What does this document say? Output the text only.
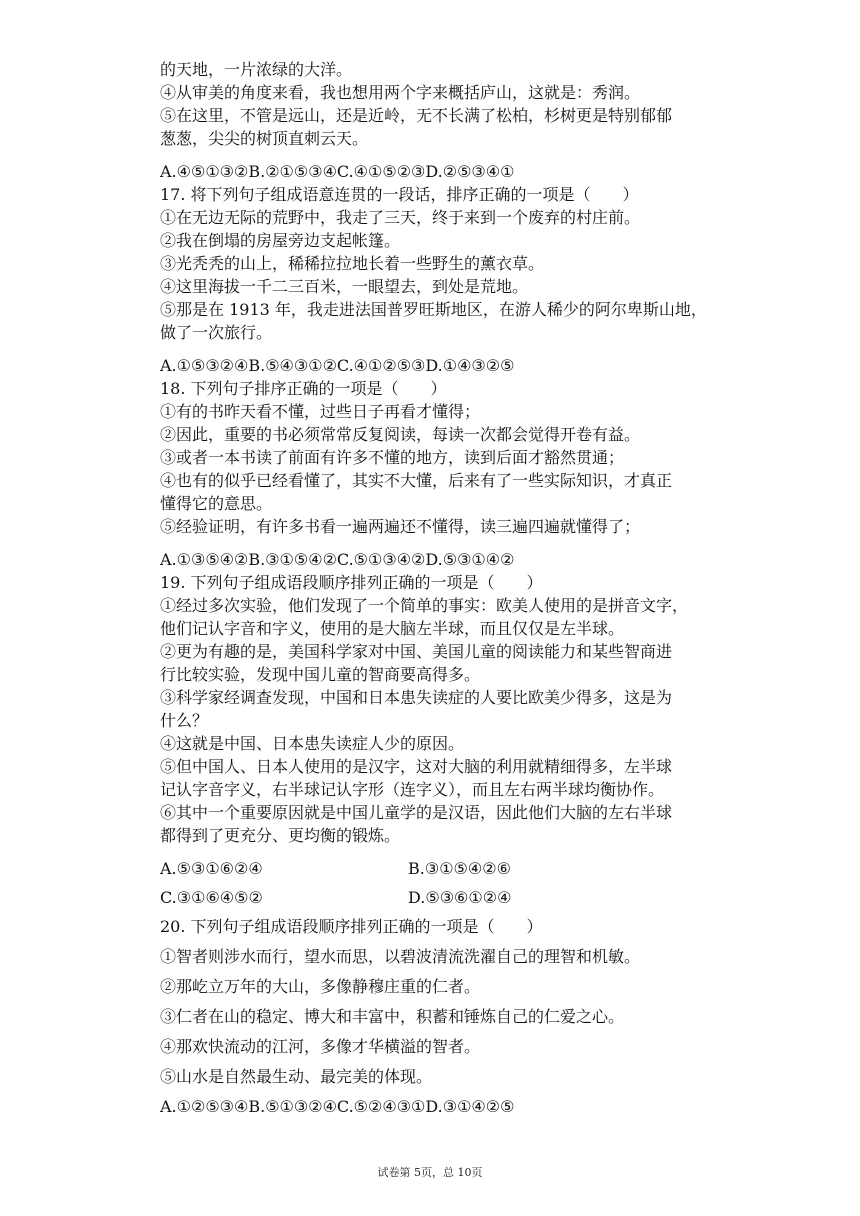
的天地，一片浓绿的大洋。
④从审美的角度来看，我也想用两个字来概括庐山，这就是：秀润。
⑤在这里，不管是远山，还是近岭，无不长满了松柏，杉树更是特别郁郁
葱葱，尖尖的树顶直刺云天。
A.④⑤①③②B.②①⑤③④C.④①⑤②③D.②⑤③④①
17. 将下列句子组成语意连贯的一段话，排序正确的一项是（　　）
①在无边无际的荒野中，我走了三天，终于来到一个废弃的村庄前。
②我在倒塌的房屋旁边支起帐篷。
③光秃秃的山上，稀稀拉拉地长着一些野生的薰衣草。
④这里海拔一千二三百米，一眼望去，到处是荒地。
⑤那是在 1913 年，我走进法国普罗旺斯地区，在游人稀少的阿尔卑斯山地，
做了一次旅行。
A.①⑤③②④B.⑤④③①②C.④①②⑤③D.①④③②⑤
18. 下列句子排序正确的一项是（　　）
①有的书昨天看不懂，过些日子再看才懂得；
②因此，重要的书必须常常反复阅读，每读一次都会觉得开卷有益。
③或者一本书读了前面有许多不懂的地方，读到后面才豁然贯通；
④也有的似乎已经看懂了，其实不大懂，后来有了一些实际知识，才真正
懂得它的意思。
⑤经验证明，有许多书看一遍两遍还不懂得，读三遍四遍就懂得了；
A.①③⑤④②B.③①⑤④②C.⑤①③④②D.⑤③①④②
19. 下列句子组成语段顺序排列正确的一项是（　　）
①经过多次实验，他们发现了一个简单的事实：欧美人使用的是拼音文字，
他们记认字音和字义，使用的是大脑左半球，而且仅仅是左半球。
②更为有趣的是，美国科学家对中国、美国儿童的阅读能力和某些智商进
行比较实验，发现中国儿童的智商要高得多。
③科学家经调查发现，中国和日本患失读症的人要比欧美少得多，这是为
什么？
④这就是中国、日本患失读症人少的原因。
⑤但中国人、日本人使用的是汉字，这对大脑的利用就精细得多，左半球
记认字音字义，右半球记认字形（连字义），而且左右两半球均衡协作。
⑥其中一个重要原因就是中国儿童学的是汉语，因此他们大脑的左右半球
都得到了更充分、更均衡的锻炼。
A.⑤③①⑥②④	B.③①⑤④②⑥
C.③①⑥④⑤②	D.⑤③⑥①②④
20. 下列句子组成语段顺序排列正确的一项是（　　）
①智者则涉水而行，望水而思，以碧波清流洗濯自己的理智和机敏。
②那屹立万年的大山，多像静穆庄重的仁者。
③仁者在山的稳定、博大和丰富中，积蓄和锤炼自己的仁爱之心。
④那欢快流动的江河，多像才华横溢的智者。
⑤山水是自然最生动、最完美的体现。
A.①②⑤③④B.⑤①③②④C.⑤②④③①D.③①④②⑤
试卷第 5页，总 10页
